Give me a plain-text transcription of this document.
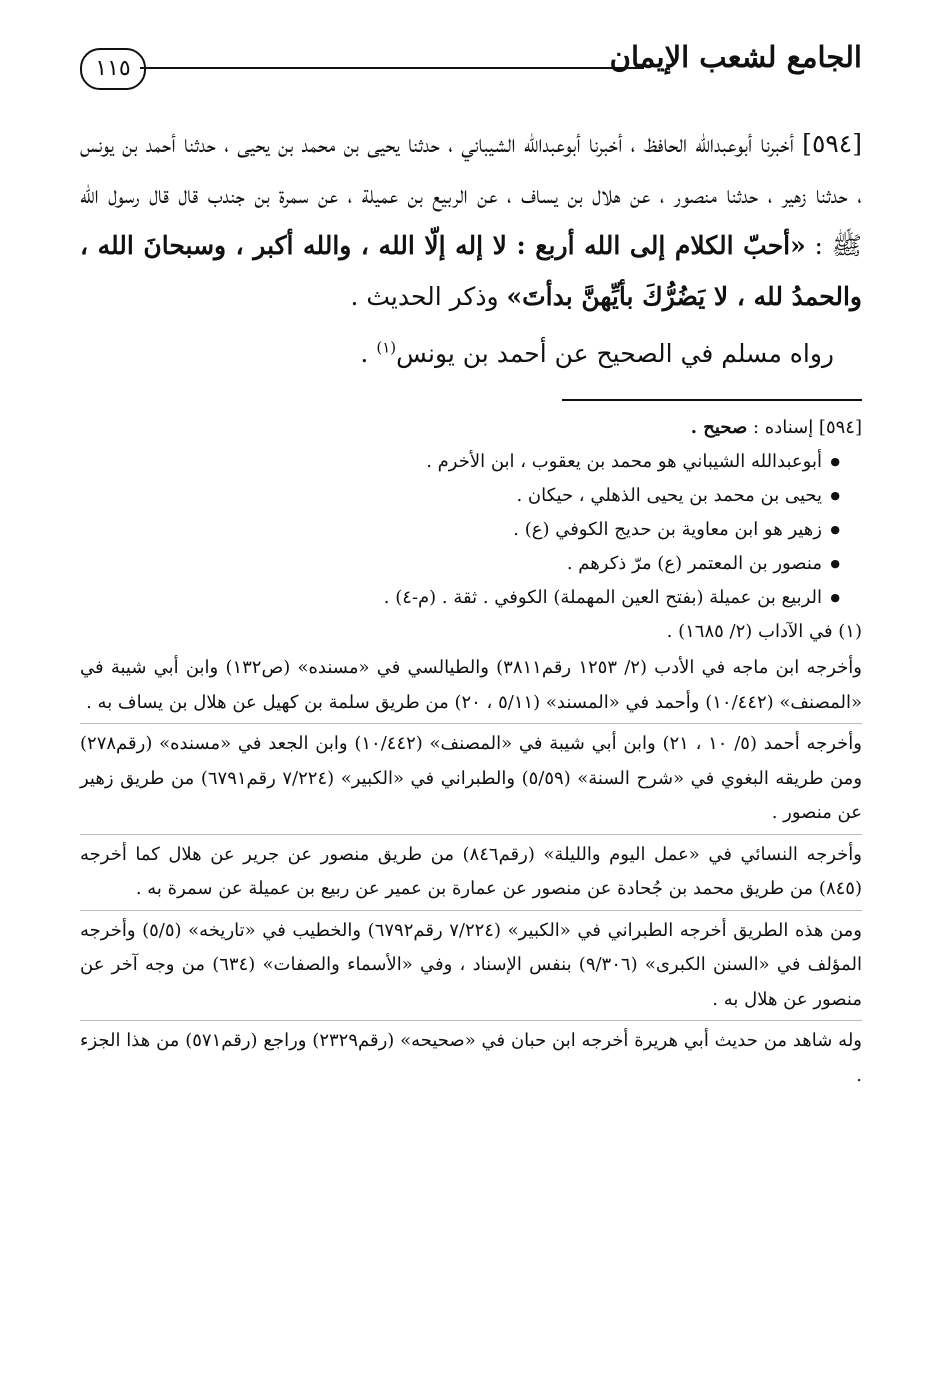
الجامع لشعب الإيمان
١١٥

[٥٩٤] أخبرنا أبوعبدالله الحافظ ، أخبرنا أبوعبدالله الشيباني ، حدثنا يحيى بن محمد بن يحيى ، حدثنا أحمد بن يونس ، حدثنا زهير ، حدثنا منصور ، عن هلال بن يساف ، عن الربيع بن عميلة ، عن سمرة بن جندب قال قال رسول الله ﷺ : «أحبّ الكلام إلى الله أربع : لا إله إلّا الله ، والله أكبر ، وسبحانَ الله ، والحمدُ لله ، لا يَضُرُّكَ بأيِّهنَّ بدأتَ» وذكر الحديث .

رواه مسلم في الصحيح عن أحمد بن يونس$^{(١)}$ .

[٥٩٤] إسناده : صحيح .

● أبوعبدالله الشيباني هو محمد بن يعقوب ، ابن الأخرم .
● يحيى بن محمد بن يحيى الذهلي ، حيكان .
● زهير هو ابن معاوية بن حديج الكوفي (ع) .
● منصور بن المعتمر (ع) مرّ ذكرهم .
● الربيع بن عميلة (بفتح العين المهملة) الكوفي . ثقة . (م-٤) .

(١) في الآداب (٢/ ١٦٨٥) .

وأخرجه ابن ماجه في الأدب (٢/ ١٢٥٣ رقم٣٨١١) والطيالسي في «مسنده» (ص١٣٢) وابن أبي شيبة في «المصنف» (١٠/٤٤٢) وأحمد في «المسند» (٥/١١ ، ٢٠) من طريق سلمة بن كهيل عن هلال بن يساف به .

وأخرجه أحمد (٥/ ١٠ ، ٢١) وابن أبي شيبة في «المصنف» (١٠/٤٤٢) وابن الجعد في «مسنده» (رقم٢٧٨) ومن طريقه البغوي في «شرح السنة» (٥/٥٩) والطبراني في «الكبير» (٧/٢٢٤ رقم٦٧٩١) من طريق زهير عن منصور .

وأخرجه النسائي في «عمل اليوم والليلة» (رقم٨٤٦) من طريق منصور عن جرير عن هلال كما أخرجه (٨٤٥) من طريق محمد بن جُحادة عن منصور عن عمارة بن عمير عن ربيع بن عميلة عن سمرة به .

ومن هذه الطريق أخرجه الطبراني في «الكبير» (٧/٢٢٤ رقم٦٧٩٢) والخطيب في «تاريخه» (٥/٥) وأخرجه المؤلف في «السنن الكبرى» (٩/٣٠٦) بنفس الإسناد ، وفي «الأسماء والصفات» (٦٣٤) من وجه آخر عن منصور عن هلال به .

وله شاهد من حديث أبي هريرة أخرجه ابن حبان في «صحيحه» (رقم٢٣٢٩) وراجع (رقم٥٧١) من هذا الجزء .
